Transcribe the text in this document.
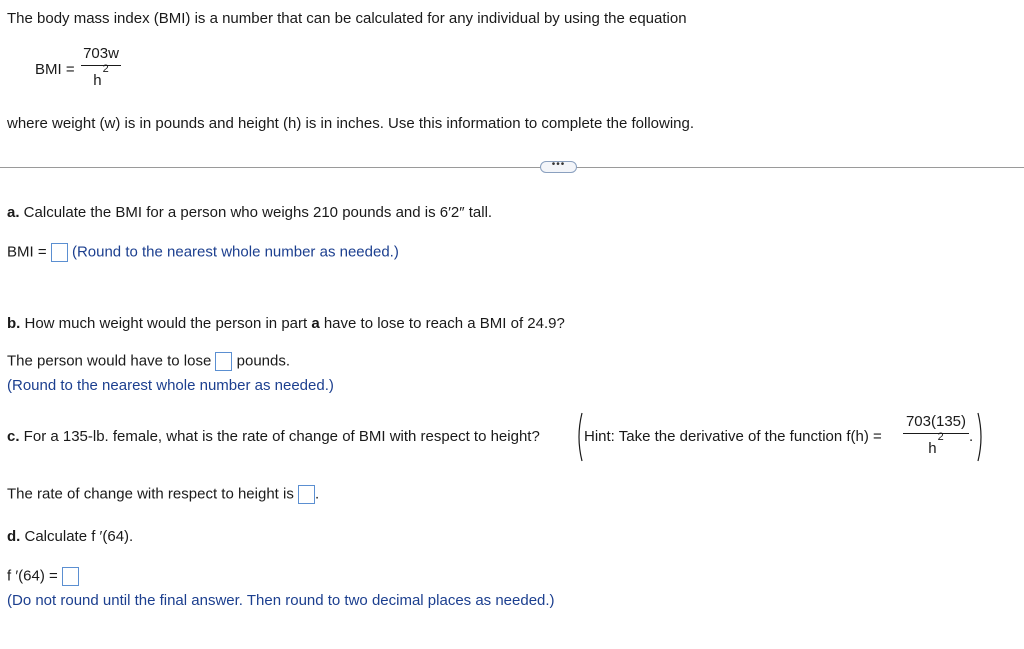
The body mass index (BMI) is a number that can be calculated for any individual by using the equation
BMI =
703w
$h^2$
where weight (w) is in pounds and height (h) is in inches. Use this information to complete the following.
•••
a. Calculate the BMI for a person who weighs 210 pounds and is 6′2″ tall.
BMI = (Round to the nearest whole number as needed.)
b. How much weight would the person in part a have to lose to reach a BMI of 24.9?
The person would have to lose pounds.
(Round to the nearest whole number as needed.)
c. For a 135-lb. female, what is the rate of change of BMI with respect to height?	Hint: Take the derivative of the function f(h) =
703(135)
$h^2$ .
The rate of change with respect to height is .
d. Calculate f ′(64).
f ′(64) =
(Do not round until the final answer. Then round to two decimal places as needed.)
